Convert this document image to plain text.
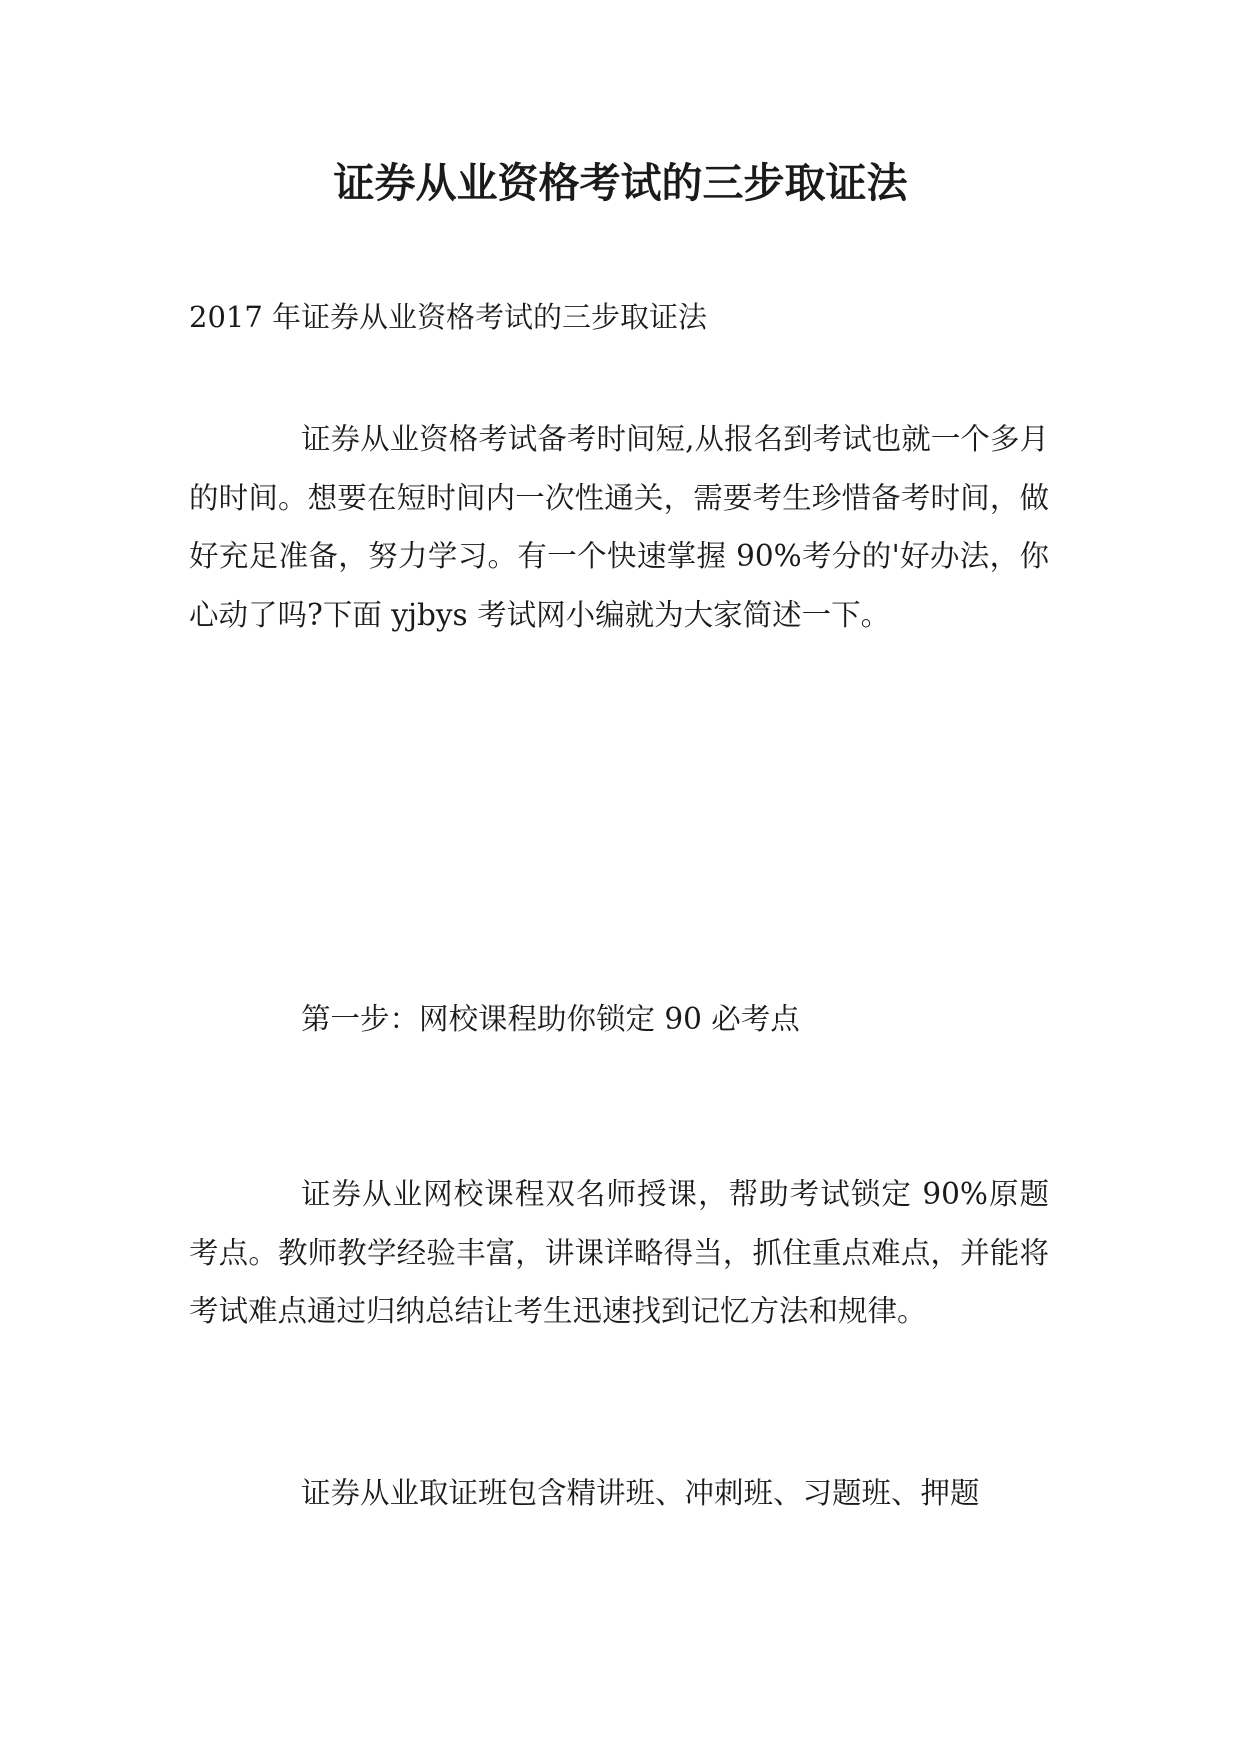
证券从业资格考试的三步取证法

2017 年证券从业资格考试的三步取证法

证券从业资格考试备考时间短,从报名到考试也就一个多月的时间。想要在短时间内一次性通关，需要考生珍惜备考时间，做好充足准备，努力学习。有一个快速掌握 90%考分的'好办法，你心动了吗?下面 yjbys 考试网小编就为大家简述一下。

第一步：网校课程助你锁定 90 必考点

证券从业网校课程双名师授课，帮助考试锁定 90%原题考点。教师教学经验丰富，讲课详略得当，抓住重点难点，并能将考试难点通过归纳总结让考生迅速找到记忆方法和规律。

证券从业取证班包含精讲班、冲刺班、习题班、押题
